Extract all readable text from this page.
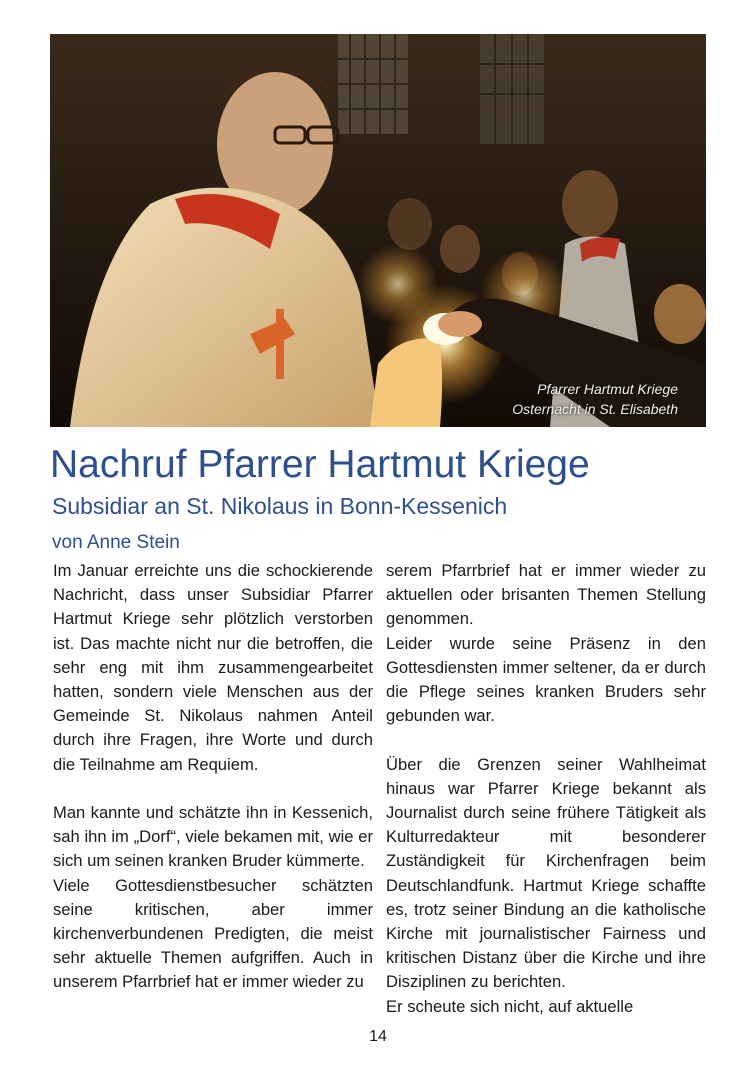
Pfarrer Hartmut Kriege
Osternacht in St. Elisabeth
Nachruf Pfarrer Hartmut Kriege
Subsidiar an St. Nikolaus in Bonn-Kessenich
von Anne Stein

Im Januar erreichte uns die schockierende Nachricht, dass unser Subsidiar Pfarrer Hartmut Kriege sehr plötzlich verstorben ist. Das machte nicht nur die betroffen, die sehr eng mit ihm zusammengearbeitet hatten, sondern viele Menschen aus der Gemeinde St. Nikolaus nahmen Anteil durch ihre Fragen, ihre Worte und durch die Teilnahme am Requiem.

Man kannte und schätzte ihn in Kessenich, sah ihn im „Dorf“, viele bekamen mit, wie er sich um seinen kranken Bruder kümmerte.

Viele Gottesdienstbesucher schätzten seine kritischen, aber immer kirchenverbundenen Predigten, die meist sehr aktuelle Themen aufgriffen. Auch in unserem Pfarrbrief hat er immer wieder zu

serem Pfarrbrief hat er immer wieder zu aktuellen oder brisanten Themen Stellung genommen.

Leider wurde seine Präsenz in den Gottesdiensten immer seltener, da er durch die Pflege seines kranken Bruders sehr gebunden war.

Über die Grenzen seiner Wahlheimat hinaus war Pfarrer Kriege bekannt als Journalist durch seine frühere Tätigkeit als Kulturredakteur mit besonderer Zuständigkeit für Kirchenfragen beim Deutschlandfunk. Hartmut Kriege schaffte es, trotz seiner Bindung an die katholische Kirche mit journalistischer Fairness und kritischen Distanz über die Kirche und ihre Disziplinen zu berichten.

Er scheute sich nicht, auf aktuelle

14
